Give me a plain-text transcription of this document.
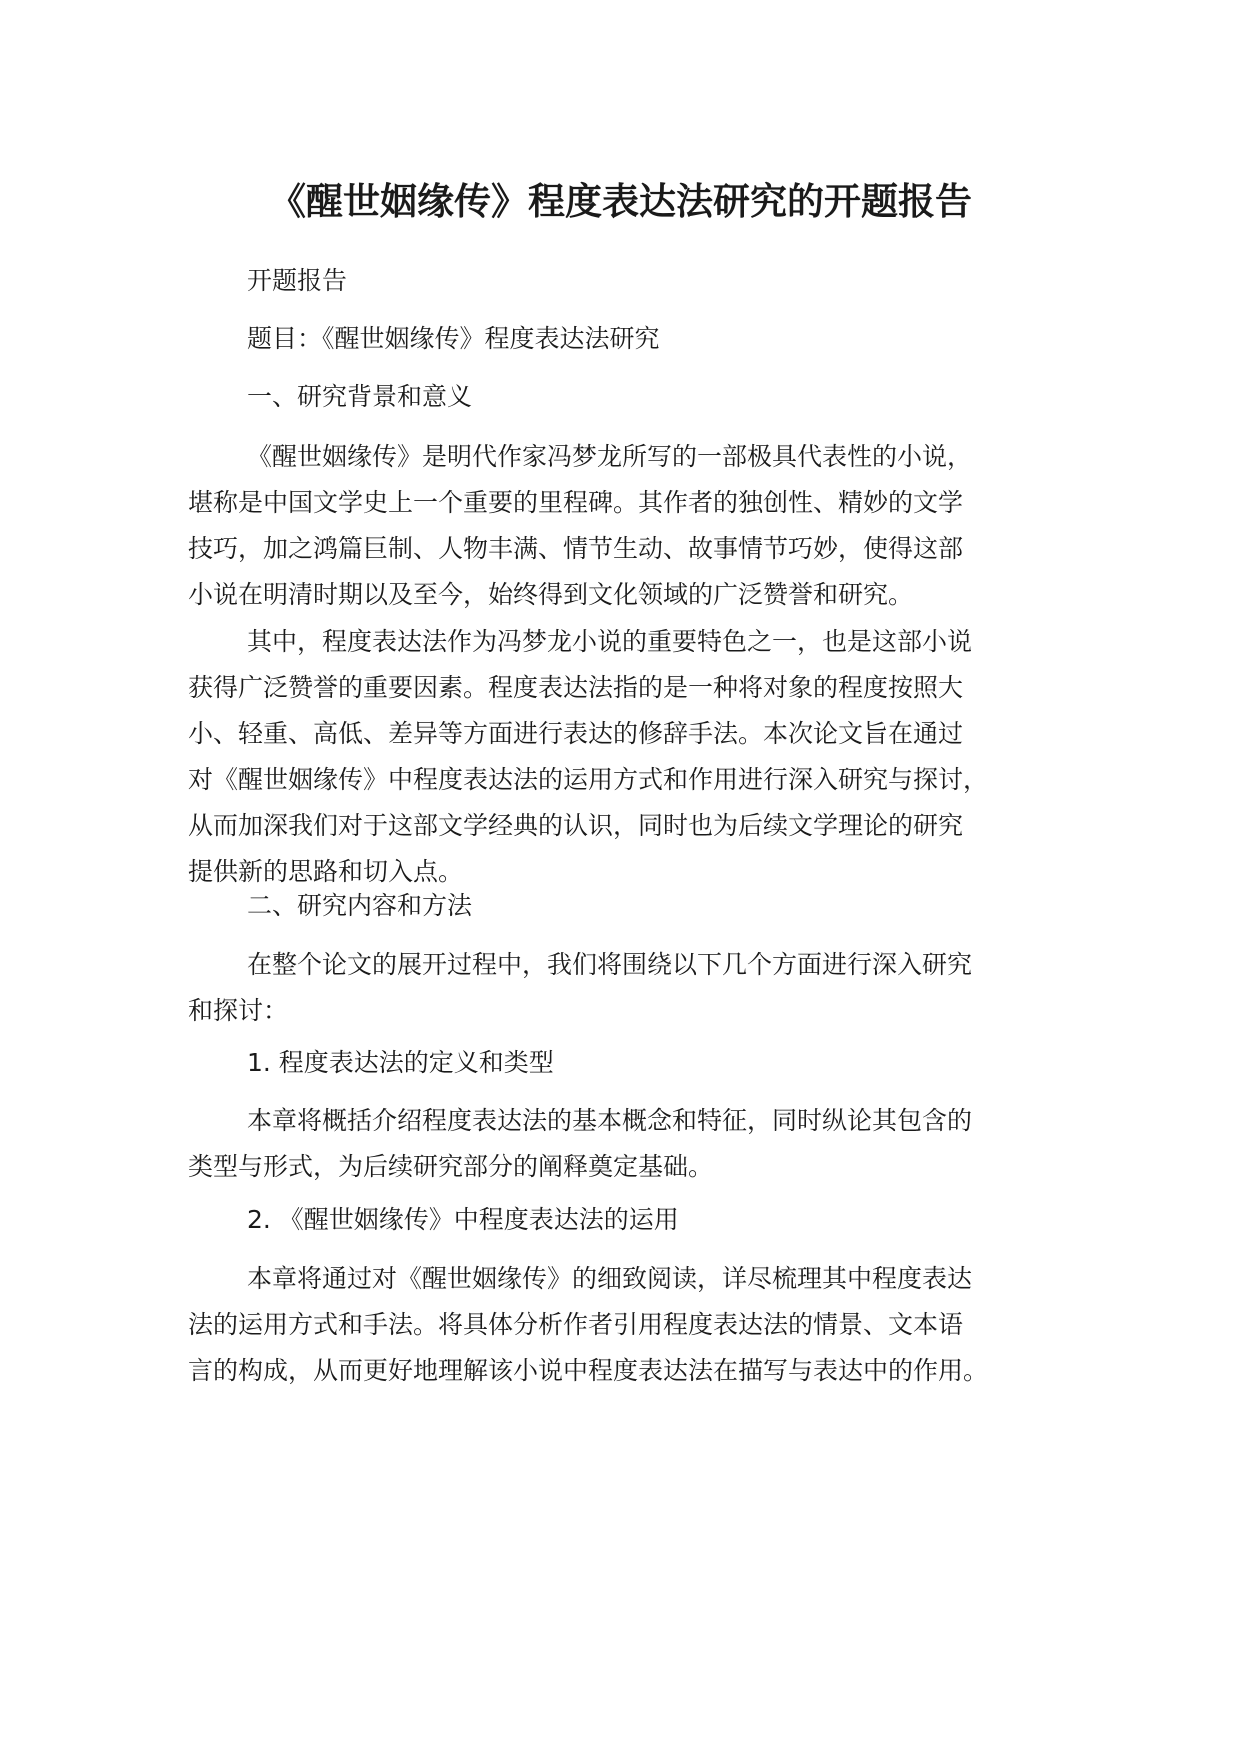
《醒世姻缘传》程度表达法研究的开题报告

开题报告

题目：《醒世姻缘传》程度表达法研究

一、研究背景和意义

《醒世姻缘传》是明代作家冯梦龙所写的一部极具代表性的小说，
堪称是中国文学史上一个重要的里程碑。其作者的独创性、精妙的文学
技巧，加之鸿篇巨制、人物丰满、情节生动、故事情节巧妙，使得这部
小说在明清时期以及至今，始终得到文化领域的广泛赞誉和研究。

其中，程度表达法作为冯梦龙小说的重要特色之一，也是这部小说
获得广泛赞誉的重要因素。程度表达法指的是一种将对象的程度按照大
小、轻重、高低、差异等方面进行表达的修辞手法。本次论文旨在通过
对《醒世姻缘传》中程度表达法的运用方式和作用进行深入研究与探讨，
从而加深我们对于这部文学经典的认识，同时也为后续文学理论的研究
提供新的思路和切入点。

二、研究内容和方法

在整个论文的展开过程中，我们将围绕以下几个方面进行深入研究
和探讨：

1. 程度表达法的定义和类型

本章将概括介绍程度表达法的基本概念和特征，同时纵论其包含的
类型与形式，为后续研究部分的阐释奠定基础。

2. 《醒世姻缘传》中程度表达法的运用

本章将通过对《醒世姻缘传》的细致阅读，详尽梳理其中程度表达
法的运用方式和手法。将具体分析作者引用程度表达法的情景、文本语
言的构成，从而更好地理解该小说中程度表达法在描写与表达中的作用。
